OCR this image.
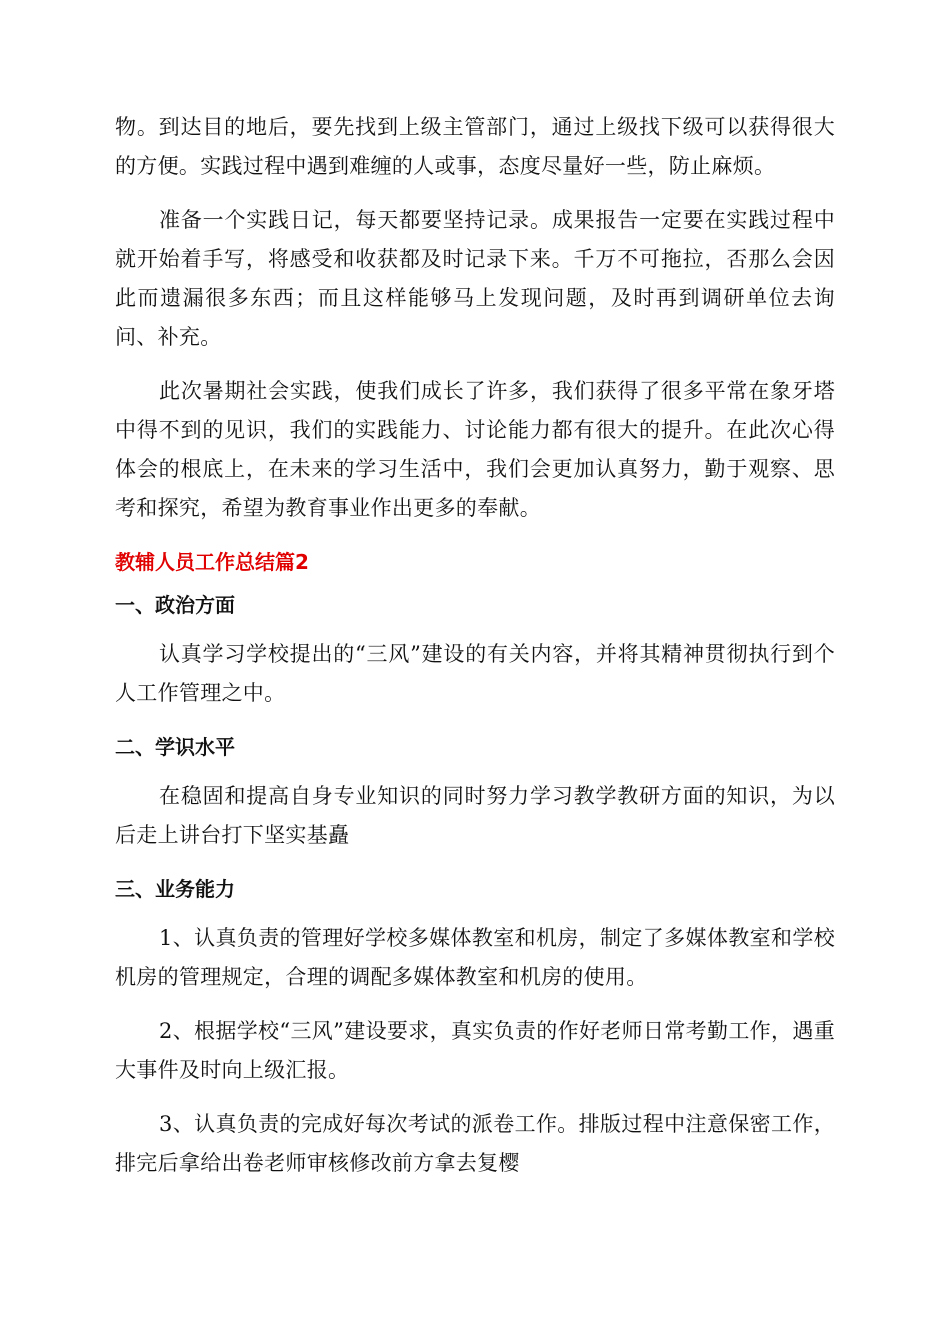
物。到达目的地后，要先找到上级主管部门，通过上级找下级可以获得很大的方便。实践过程中遇到难缠的人或事，态度尽量好一些，防止麻烦。

准备一个实践日记，每天都要坚持记录。成果报告一定要在实践过程中就开始着手写，将感受和收获都及时记录下来。千万不可拖拉，否那么会因此而遗漏很多东西；而且这样能够马上发现问题，及时再到调研单位去询问、补充。

此次暑期社会实践，使我们成长了许多，我们获得了很多平常在象牙塔中得不到的见识，我们的实践能力、讨论能力都有很大的提升。在此次心得体会的根底上，在未来的学习生活中，我们会更加认真努力，勤于观察、思考和探究，希望为教育事业作出更多的奉献。

教辅人员工作总结篇2
一、政治方面

认真学习学校提出的“三风”建设的有关内容，并将其精神贯彻执行到个人工作管理之中。

二、学识水平

在稳固和提高自身专业知识的同时努力学习教学教研方面的知识，为以后走上讲台打下坚实基矗

三、业务能力

1、认真负责的管理好学校多媒体教室和机房，制定了多媒体教室和学校机房的管理规定，合理的调配多媒体教室和机房的使用。

2、根据学校“三风”建设要求，真实负责的作好老师日常考勤工作，遇重大事件及时向上级汇报。

3、认真负责的完成好每次考试的派卷工作。排版过程中注意保密工作，排完后拿给出卷老师审核修改前方拿去复樱
